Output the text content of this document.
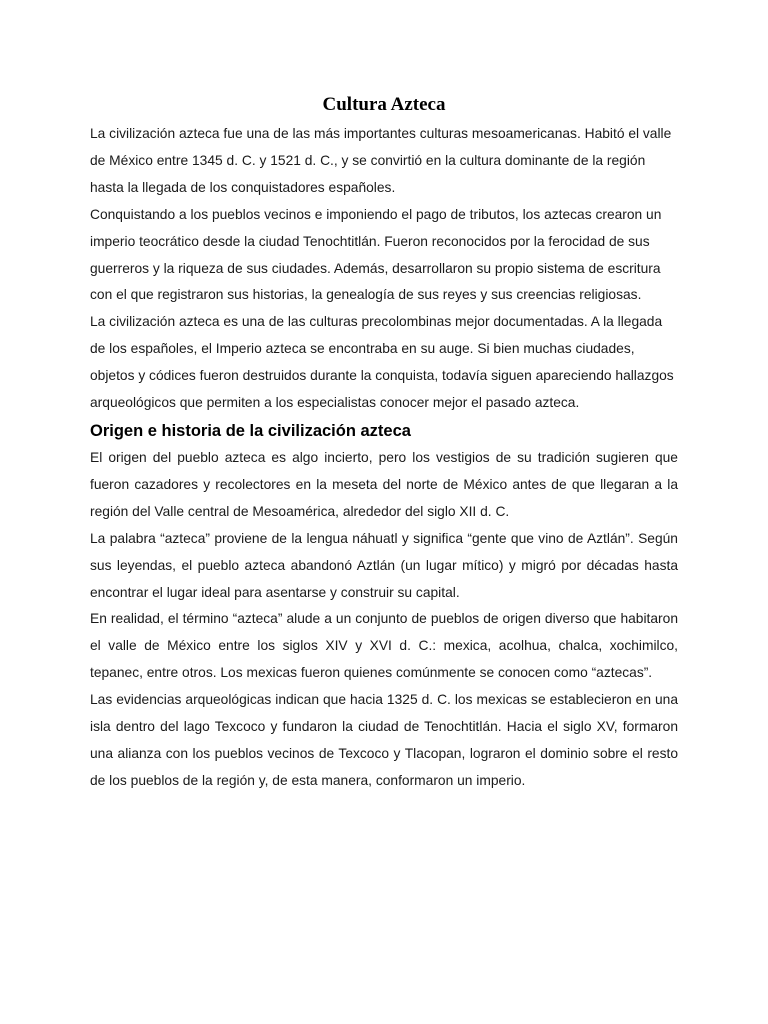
Cultura Azteca

La civilización azteca fue una de las más importantes culturas mesoamericanas. Habitó el valle de México entre 1345 d. C. y 1521 d. C., y se convirtió en la cultura dominante de la región hasta la llegada de los conquistadores españoles.

Conquistando a los pueblos vecinos e imponiendo el pago de tributos, los aztecas crearon un imperio teocrático desde la ciudad Tenochtitlán. Fueron reconocidos por la ferocidad de sus guerreros y la riqueza de sus ciudades. Además, desarrollaron su propio sistema de escritura con el que registraron sus historias, la genealogía de sus reyes y sus creencias religiosas.

La civilización azteca es una de las culturas precolombinas mejor documentadas. A la llegada de los españoles, el Imperio azteca se encontraba en su auge. Si bien muchas ciudades, objetos y códices fueron destruidos durante la conquista, todavía siguen apareciendo hallazgos arqueológicos que permiten a los especialistas conocer mejor el pasado azteca.

Origen e historia de la civilización azteca

El origen del pueblo azteca es algo incierto, pero los vestigios de su tradición sugieren que fueron cazadores y recolectores en la meseta del norte de México antes de que llegaran a la región del Valle central de Mesoamérica, alrededor del siglo XII d. C.

La palabra “azteca” proviene de la lengua náhuatl y significa “gente que vino de Aztlán”. Según sus leyendas, el pueblo azteca abandonó Aztlán (un lugar mítico) y migró por décadas hasta encontrar el lugar ideal para asentarse y construir su capital.

En realidad, el término “azteca” alude a un conjunto de pueblos de origen diverso que habitaron el valle de México entre los siglos XIV y XVI d. C.: mexica, acolhua, chalca, xochimilco, tepanec, entre otros. Los mexicas fueron quienes comúnmente se conocen como “aztecas”.

Las evidencias arqueológicas indican que hacia 1325 d. C. los mexicas se establecieron en una isla dentro del lago Texcoco y fundaron la ciudad de Tenochtitlán. Hacia el siglo XV, formaron una alianza con los pueblos vecinos de Texcoco y Tlacopan, lograron el dominio sobre el resto de los pueblos de la región y, de esta manera, conformaron un imperio.
